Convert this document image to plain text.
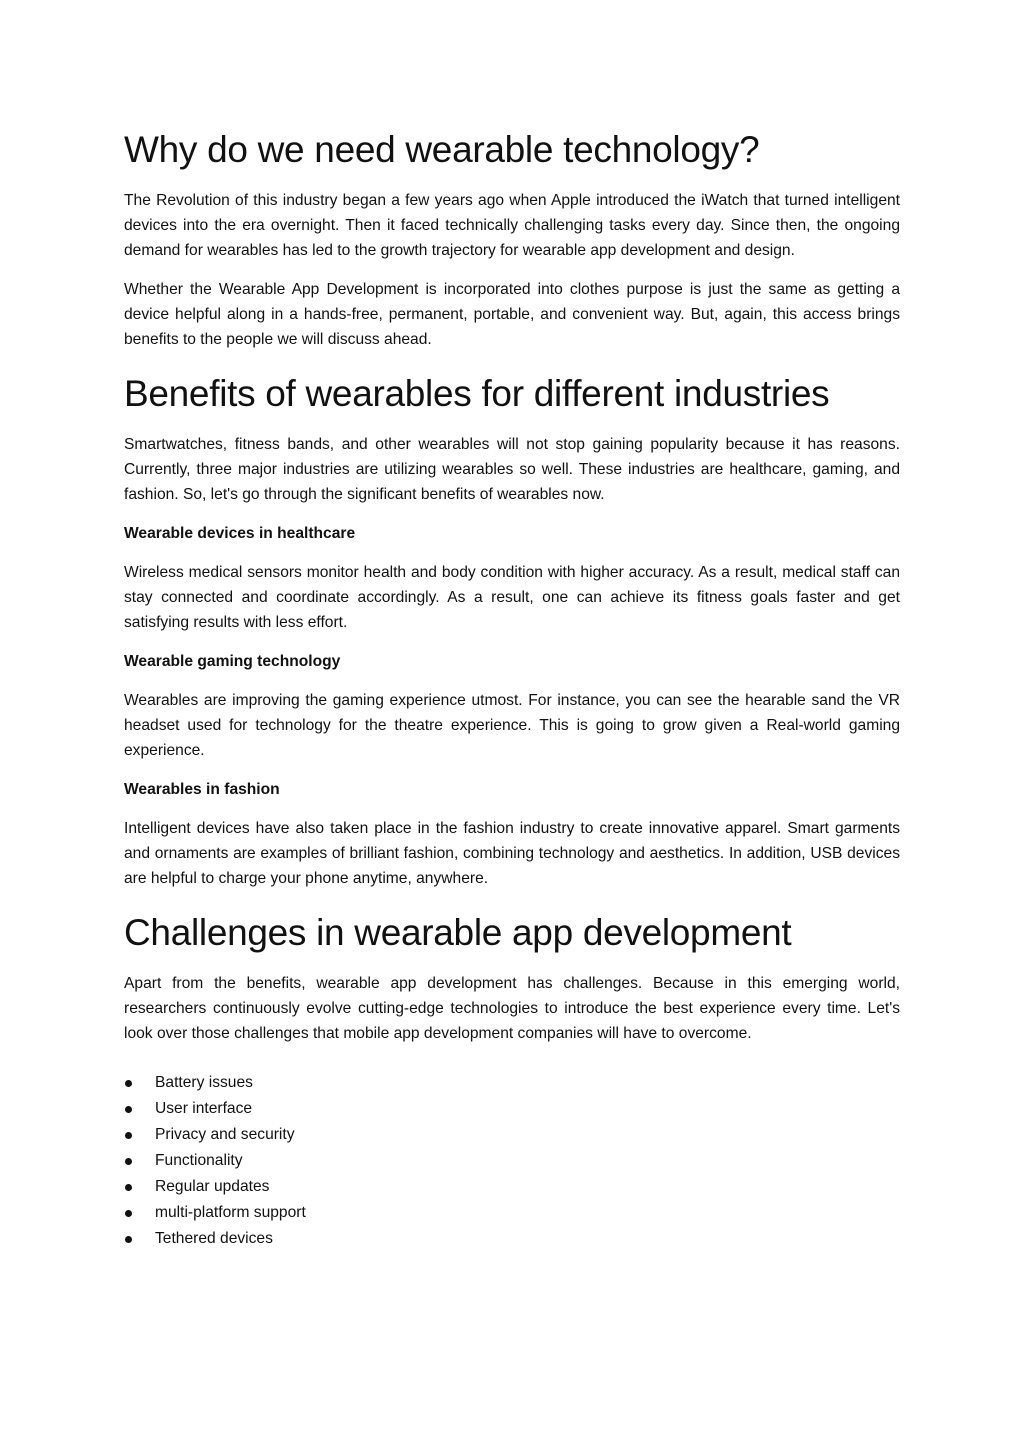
Why do we need wearable technology?

The Revolution of this industry began a few years ago when Apple introduced the iWatch that turned intelligent devices into the era overnight. Then it faced technically challenging tasks every day. Since then, the ongoing demand for wearables has led to the growth trajectory for wearable app development and design.

Whether the Wearable App Development is incorporated into clothes purpose is just the same as getting a device helpful along in a hands-free, permanent, portable, and convenient way. But, again, this access brings benefits to the people we will discuss ahead.

Benefits of wearables for different industries

Smartwatches, fitness bands, and other wearables will not stop gaining popularity because it has reasons. Currently, three major industries are utilizing wearables so well. These industries are healthcare, gaming, and fashion. So, let's go through the significant benefits of wearables now.

Wearable devices in healthcare

Wireless medical sensors monitor health and body condition with higher accuracy. As a result, medical staff can stay connected and coordinate accordingly. As a result, one can achieve its fitness goals faster and get satisfying results with less effort.

Wearable gaming technology

Wearables are improving the gaming experience utmost. For instance, you can see the hearable sand the VR headset used for technology for the theatre experience. This is going to grow given a Real-world gaming experience.

Wearables in fashion

Intelligent devices have also taken place in the fashion industry to create innovative apparel. Smart garments and ornaments are examples of brilliant fashion, combining technology and aesthetics. In addition, USB devices are helpful to charge your phone anytime, anywhere.

Challenges in wearable app development

Apart from the benefits, wearable app development has challenges. Because in this emerging world, researchers continuously evolve cutting-edge technologies to introduce the best experience every time. Let's look over those challenges that mobile app development companies will have to overcome.

Battery issues
User interface
Privacy and security
Functionality
Regular updates
multi-platform support
Tethered devices
